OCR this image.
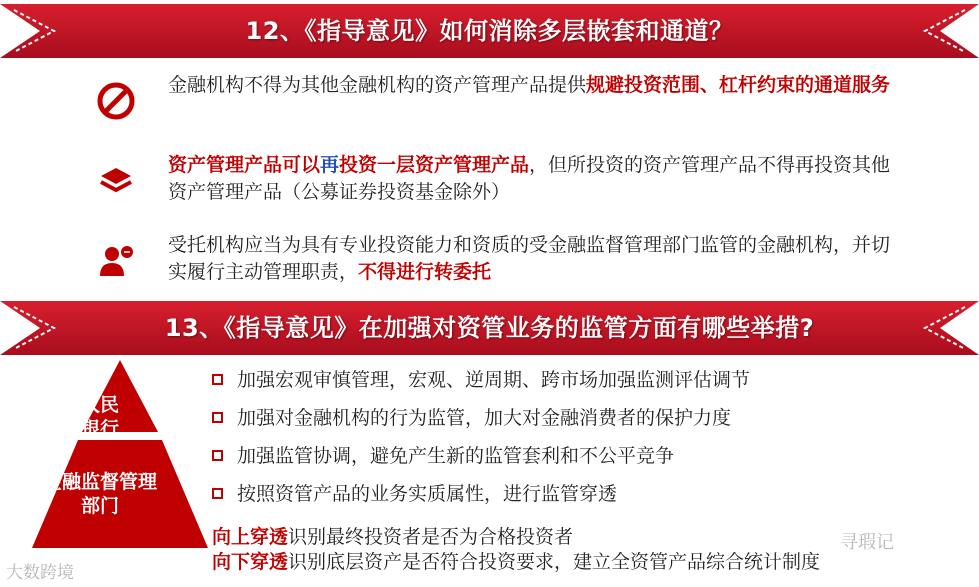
12、《指导意见》如何消除多层嵌套和通道？
金融机构不得为其他金融机构的资产管理产品提供规避投资范围、杠杆约束的通道服务
资产管理产品可以再投资一层资产管理产品，但所投资的资产管理产品不得再投资其他资产管理产品（公募证券投资基金除外）
受托机构应当为具有专业投资能力和资质的受金融监督管理部门监管的金融机构，并切实履行主动管理职责，不得进行转委托
13、《指导意见》在加强对资管业务的监管方面有哪些举措?
人民银行
金融监督管理部门
加强宏观审慎管理，宏观、逆周期、跨市场加强监测评估调节
加强对金融机构的行为监管，加大对金融消费者的保护力度
加强监管协调，避免产生新的监管套利和不公平竞争
按照资管产品的业务实质属性，进行监管穿透
向上穿透识别最终投资者是否为合格投资者
向下穿透识别底层资产是否符合投资要求，建立全资管产品综合统计制度
大数跨境
寻瑕记
